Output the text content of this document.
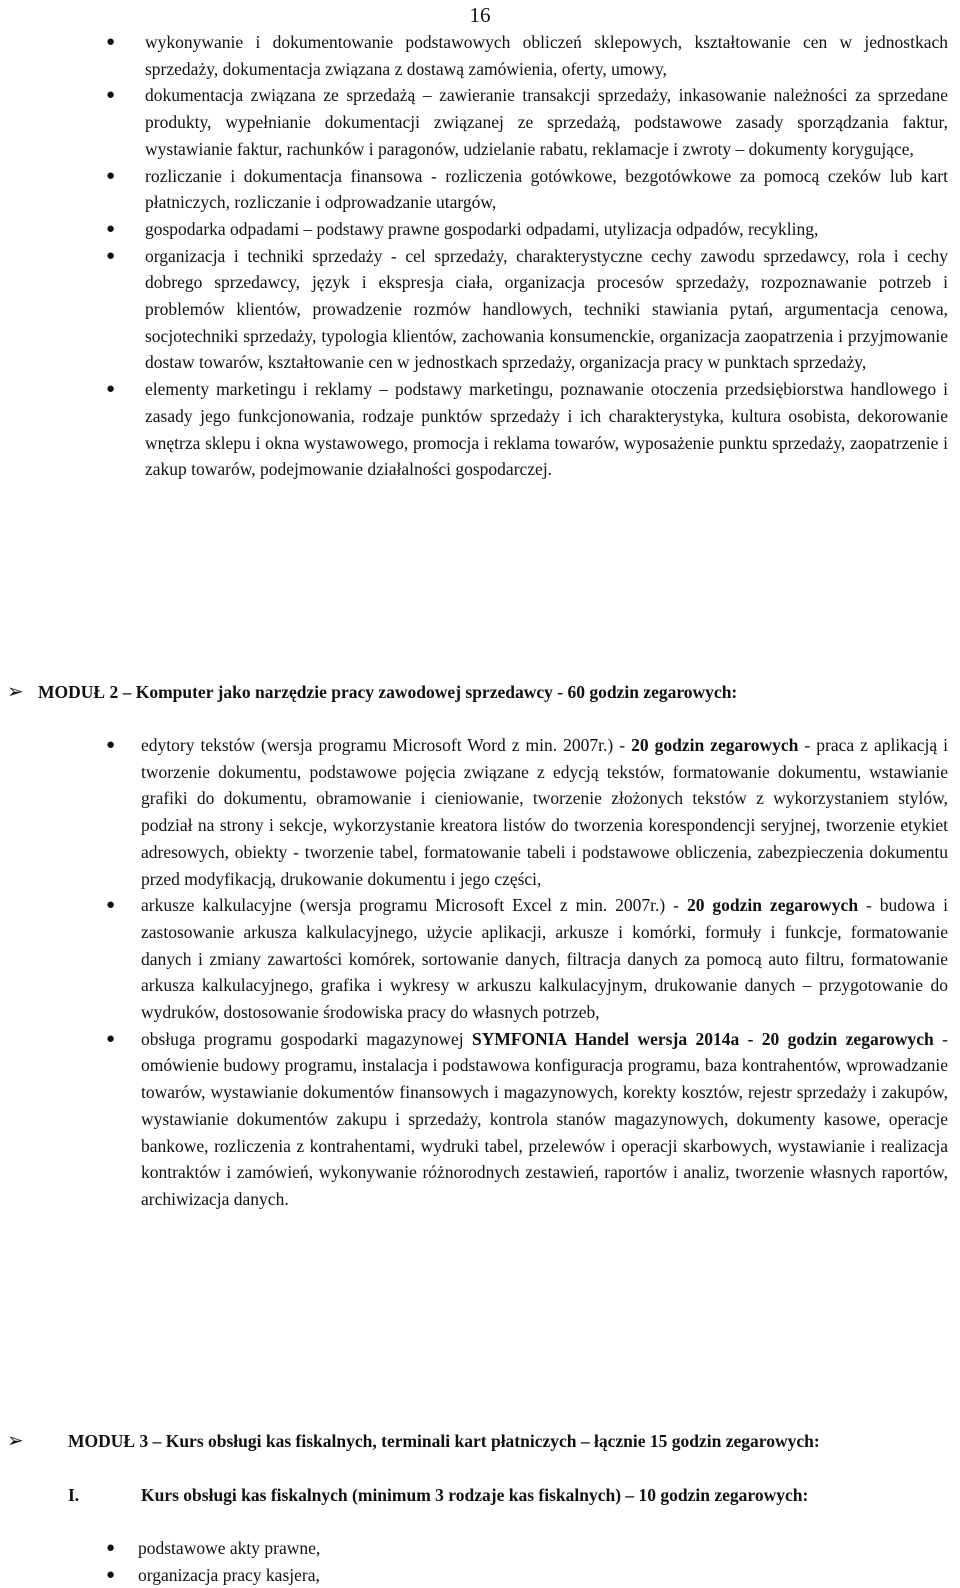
16
● wykonywanie i dokumentowanie podstawowych obliczeń sklepowych, kształtowanie cen w jednostkach sprzedaży, dokumentacja związana z dostawą zamówienia, oferty, umowy,
● dokumentacja związana ze sprzedażą – zawieranie transakcji sprzedaży, inkasowanie należności za sprzedane produkty, wypełnianie dokumentacji związanej ze sprzedażą, podstawowe zasady sporządzania faktur, wystawianie faktur, rachunków i paragonów, udzielanie rabatu, reklamacje i zwroty – dokumenty korygujące,
● rozliczanie i dokumentacja finansowa - rozliczenia gotówkowe, bezgotówkowe za pomocą czeków lub kart płatniczych, rozliczanie i odprowadzanie utargów,
● gospodarka odpadami – podstawy prawne gospodarki odpadami, utylizacja odpadów, recykling,
● organizacja i techniki sprzedaży - cel sprzedaży, charakterystyczne cechy zawodu sprzedawcy, rola i cechy dobrego sprzedawcy, język i ekspresja ciała, organizacja procesów sprzedaży, rozpoznawanie potrzeb i problemów klientów, prowadzenie rozmów handlowych, techniki stawiania pytań, argumentacja cenowa, socjotechniki sprzedaży, typologia klientów, zachowania konsumenckie, organizacja zaopatrzenia i przyjmowanie dostaw towarów, kształtowanie cen w jednostkach sprzedaży, organizacja pracy w punktach sprzedaży,
● elementy marketingu i reklamy – podstawy marketingu, poznawanie otoczenia przedsiębiorstwa handlowego i zasady jego funkcjonowania, rodzaje punktów sprzedaży i ich charakterystyka, kultura osobista, dekorowanie wnętrza sklepu i okna wystawowego, promocja i reklama towarów, wyposażenie punktu sprzedaży, zaopatrzenie i zakup towarów, podejmowanie działalności gospodarczej.
➢ MODUŁ 2 – Komputer jako narzędzie pracy zawodowej sprzedawcy - 60 godzin zegarowych:
● edytory tekstów (wersja programu Microsoft Word z min. 2007r.) - 20 godzin zegarowych - praca z aplikacją i tworzenie dokumentu, podstawowe pojęcia związane z edycją tekstów, formatowanie dokumentu, wstawianie grafiki do dokumentu, obramowanie i cieniowanie, tworzenie złożonych tekstów z wykorzystaniem stylów, podział na strony i sekcje, wykorzystanie kreatora listów do tworzenia korespondencji seryjnej, tworzenie etykiet adresowych, obiekty - tworzenie tabel, formatowanie tabeli i podstawowe obliczenia, zabezpieczenia dokumentu przed modyfikacją, drukowanie dokumentu i jego części,
● arkusze kalkulacyjne (wersja programu Microsoft Excel z min. 2007r.) - 20 godzin zegarowych - budowa i zastosowanie arkusza kalkulacyjnego, użycie aplikacji, arkusze i komórki, formuły i funkcje, formatowanie danych i zmiany zawartości komórek, sortowanie danych, filtracja danych za pomocą auto filtru, formatowanie arkusza kalkulacyjnego, grafika i wykresy w arkuszu kalkulacyjnym, drukowanie danych – przygotowanie do wydruków, dostosowanie środowiska pracy do własnych potrzeb,
● obsługa programu gospodarki magazynowej SYMFONIA Handel wersja 2014a - 20 godzin zegarowych - omówienie budowy programu, instalacja i podstawowa konfiguracja programu, baza kontrahentów, wprowadzanie towarów, wystawianie dokumentów finansowych i magazynowych, korekty kosztów, rejestr sprzedaży i zakupów, wystawianie dokumentów zakupu i sprzedaży, kontrola stanów magazynowych, dokumenty kasowe, operacje bankowe, rozliczenia z kontrahentami, wydruki tabel, przelewów i operacji skarbowych, wystawianie i realizacja kontraktów i zamówień, wykonywanie różnorodnych zestawień, raportów i analiz, tworzenie własnych raportów, archiwizacja danych.
➢	MODUŁ 3 – Kurs obsługi kas fiskalnych, terminali kart płatniczych – łącznie 15 godzin zegarowych:
I.	Kurs obsługi kas fiskalnych (minimum 3 rodzaje kas fiskalnych) – 10 godzin zegarowych:
● podstawowe akty prawne,
● organizacja pracy kasjera,
